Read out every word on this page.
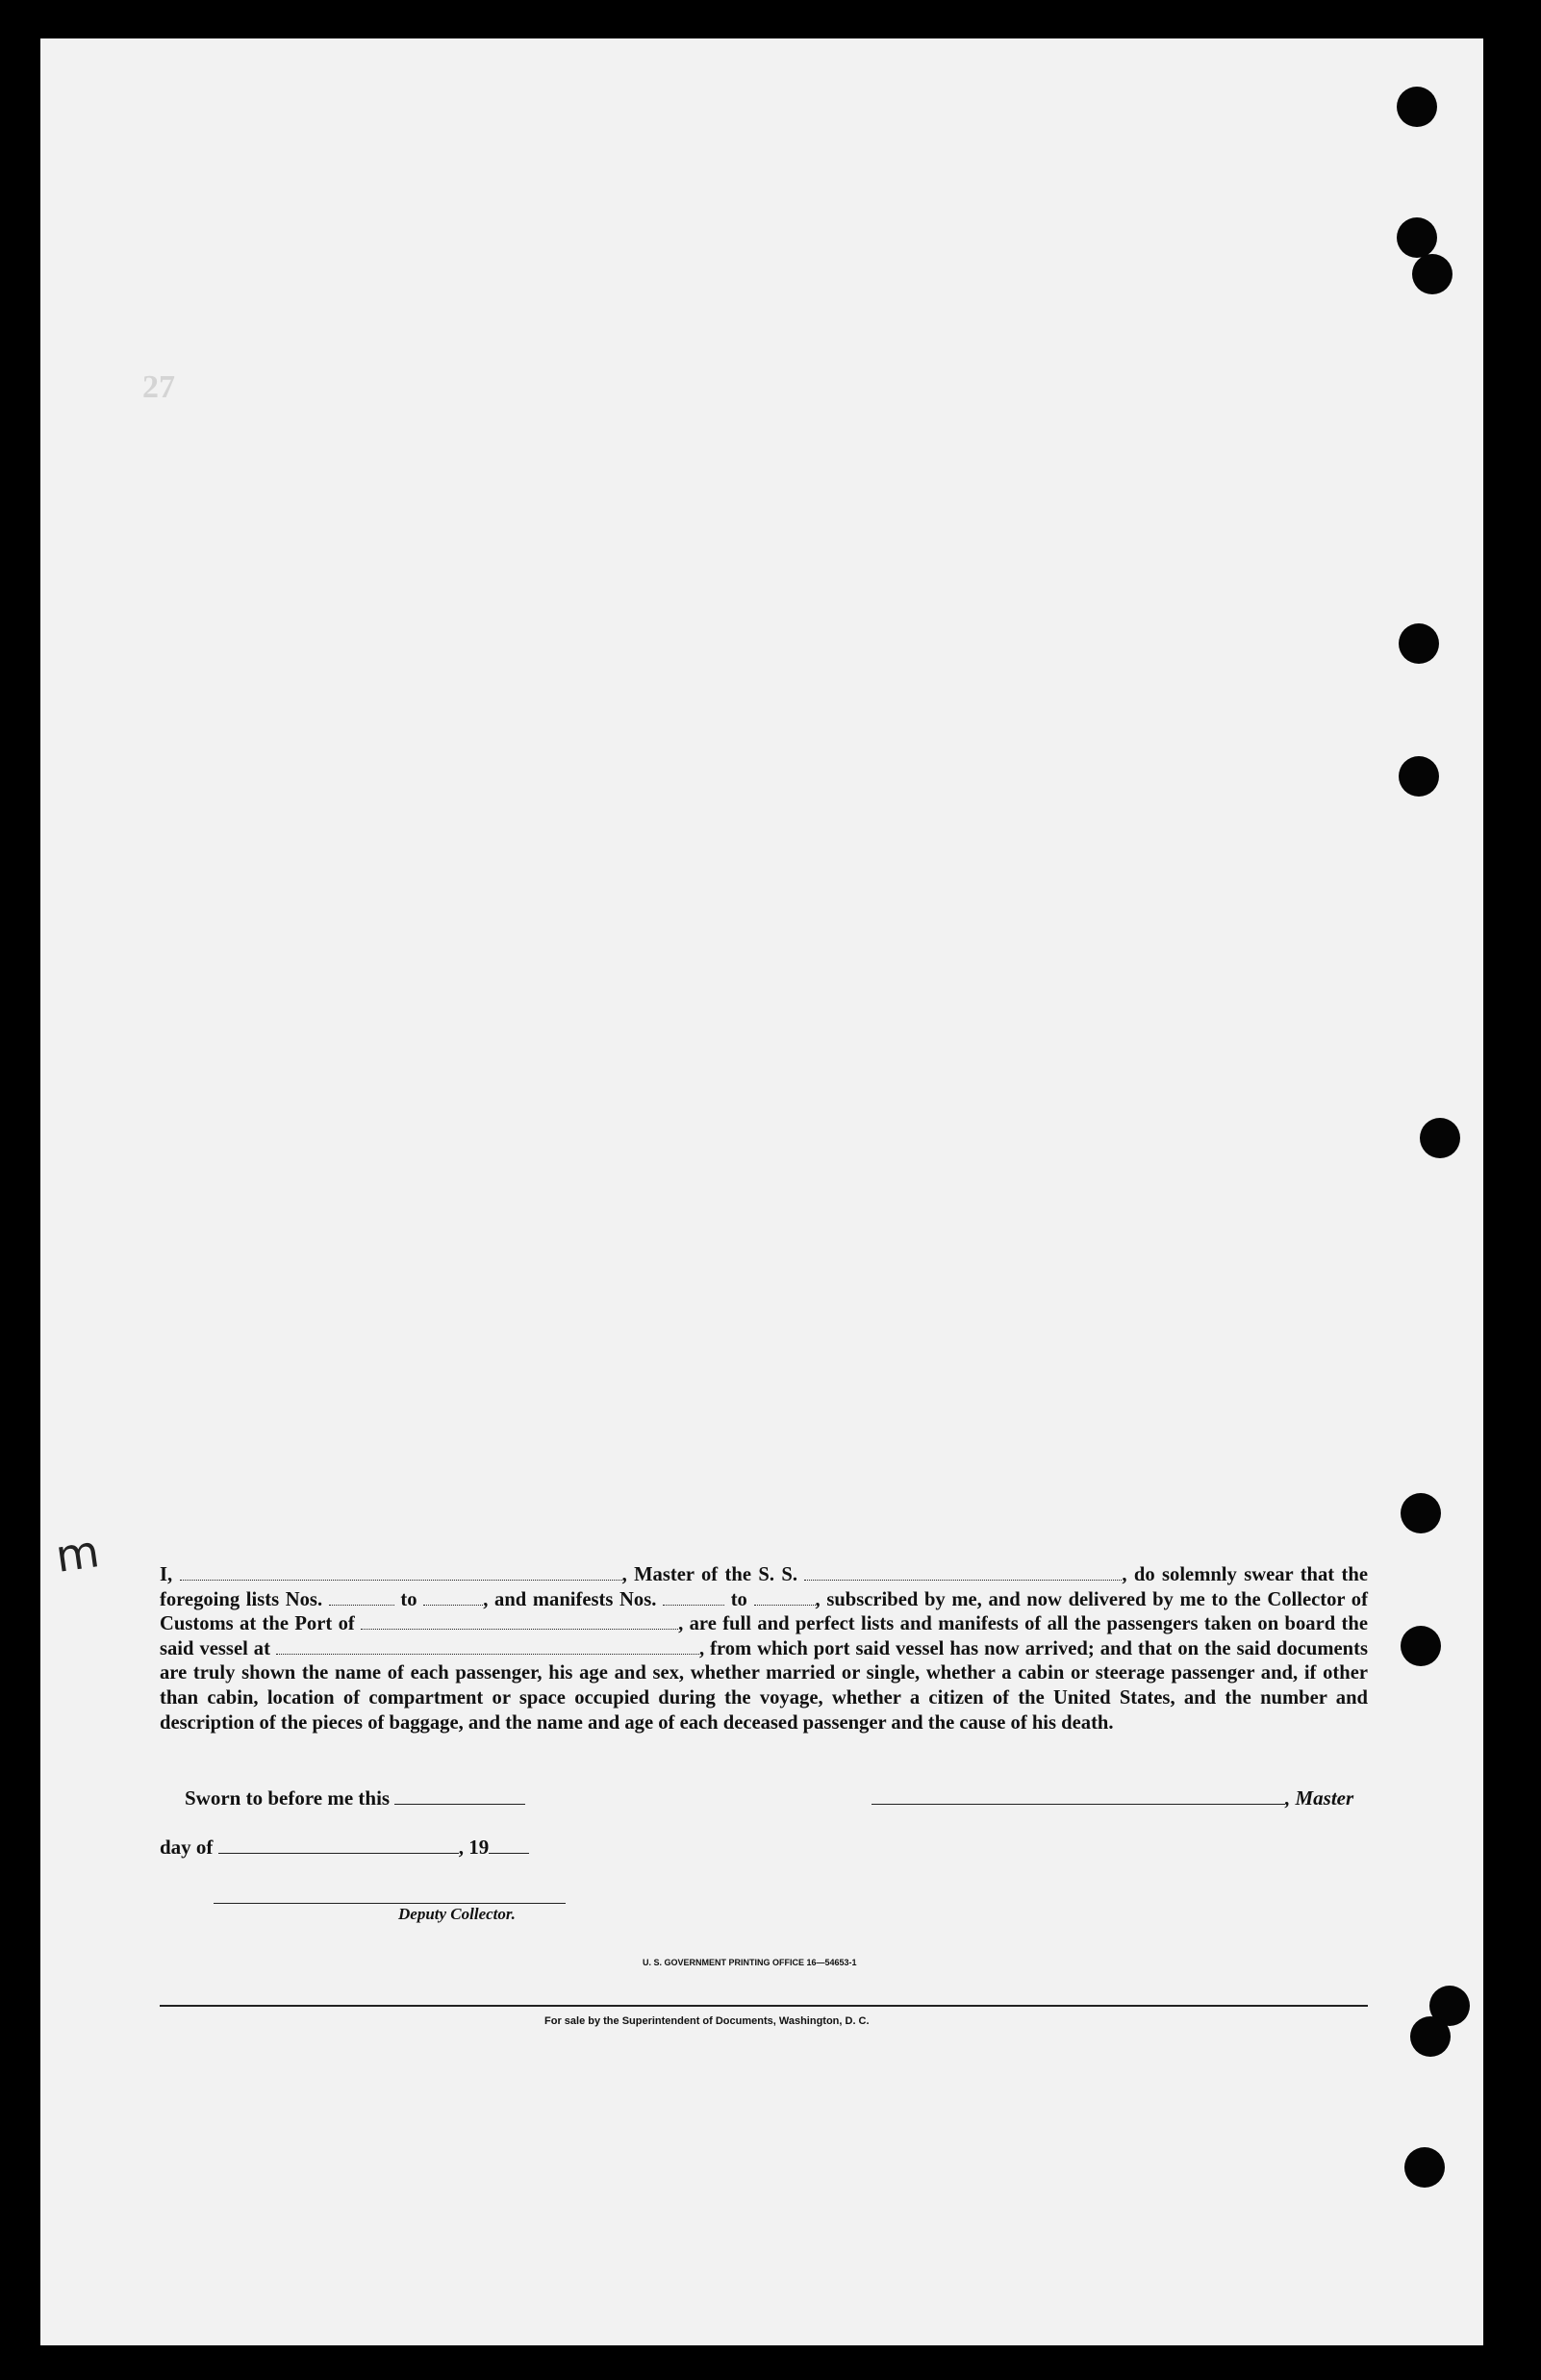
27
m	I,	, Master of the S. S.	, do solemnly swear that the foregoing lists Nos.	to	, and manifests Nos.	to	, subscribed by me, and now delivered by me to the Collector of Customs at the Port of	, are full and perfect lists and manifests of all the passengers taken on board the said vessel at	, from which port said vessel has now arrived; and that on the said documents are truly shown the name of each passenger, his age and sex, whether married or single, whether a cabin or steerage passenger and, if other than cabin, location of compartment or space occupied during the voyage, whether a citizen of the United States, and the number and description of the pieces of baggage, and the name and age of each deceased passenger and the cause of his death.
Sworn to before me this	, Master
day of	, 19
Deputy Collector.
U. S. GOVERNMENT PRINTING OFFICE 16—54653-1
For sale by the Superintendent of Documents, Washington, D. C.
